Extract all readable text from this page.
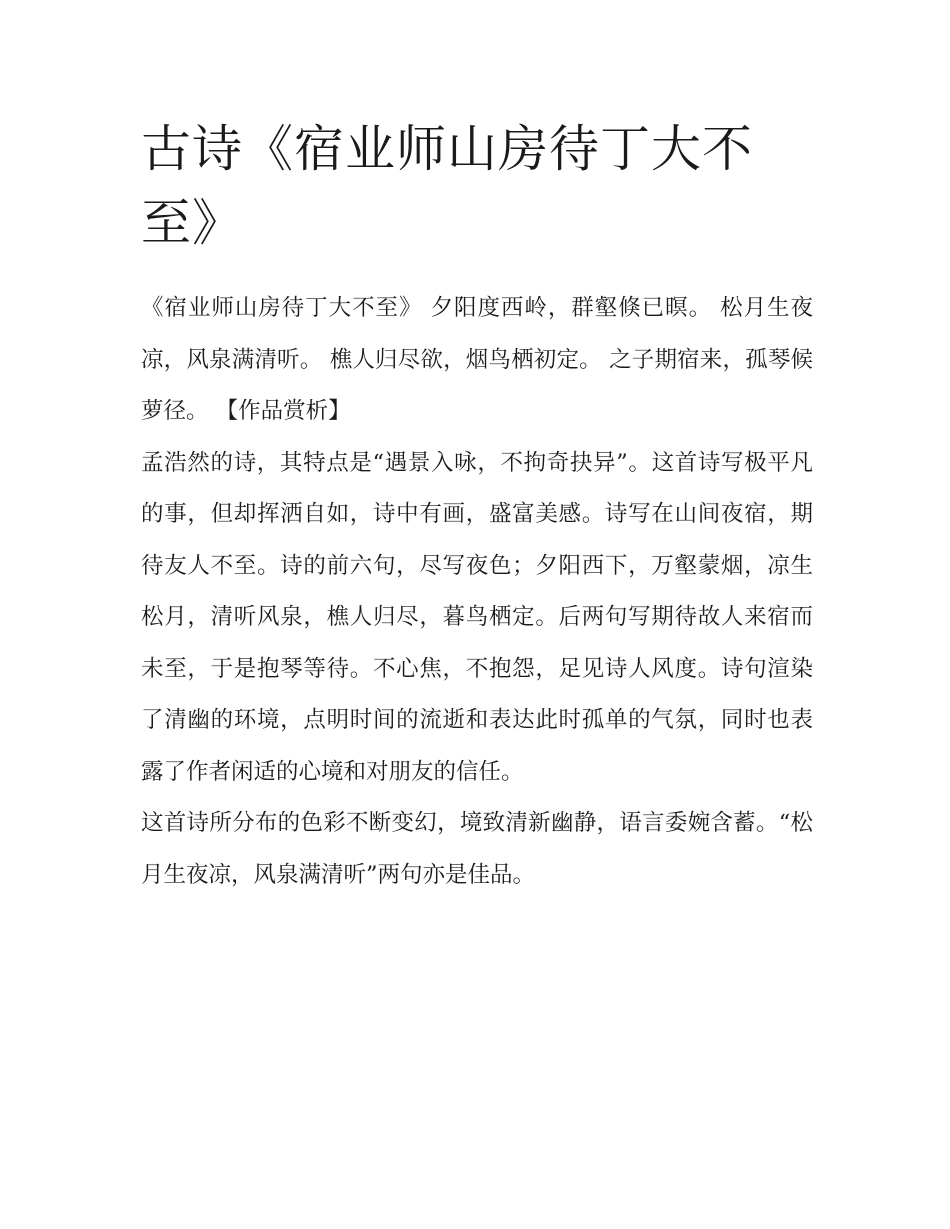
古诗《宿业师山房待丁大不至》

《宿业师山房待丁大不至》 夕阳度西岭，群壑倏已暝。 松月生夜凉，风泉满清听。 樵人归尽欲，烟鸟栖初定。 之子期宿来，孤琴候萝径。 【作品赏析】

孟浩然的诗，其特点是“遇景入咏，不拘奇抉异”。这首诗写极平凡的事，但却挥洒自如，诗中有画，盛富美感。诗写在山间夜宿，期待友人不至。诗的前六句，尽写夜色；夕阳西下，万壑蒙烟，凉生松月，清听风泉，樵人归尽，暮鸟栖定。后两句写期待故人来宿而未至，于是抱琴等待。不心焦，不抱怨，足见诗人风度。诗句渲染了清幽的环境，点明时间的流逝和表达此时孤单的气氛，同时也表露了作者闲适的心境和对朋友的信任。

这首诗所分布的色彩不断变幻，境致清新幽静，语言委婉含蓄。“松月生夜凉，风泉满清听”两句亦是佳品。
